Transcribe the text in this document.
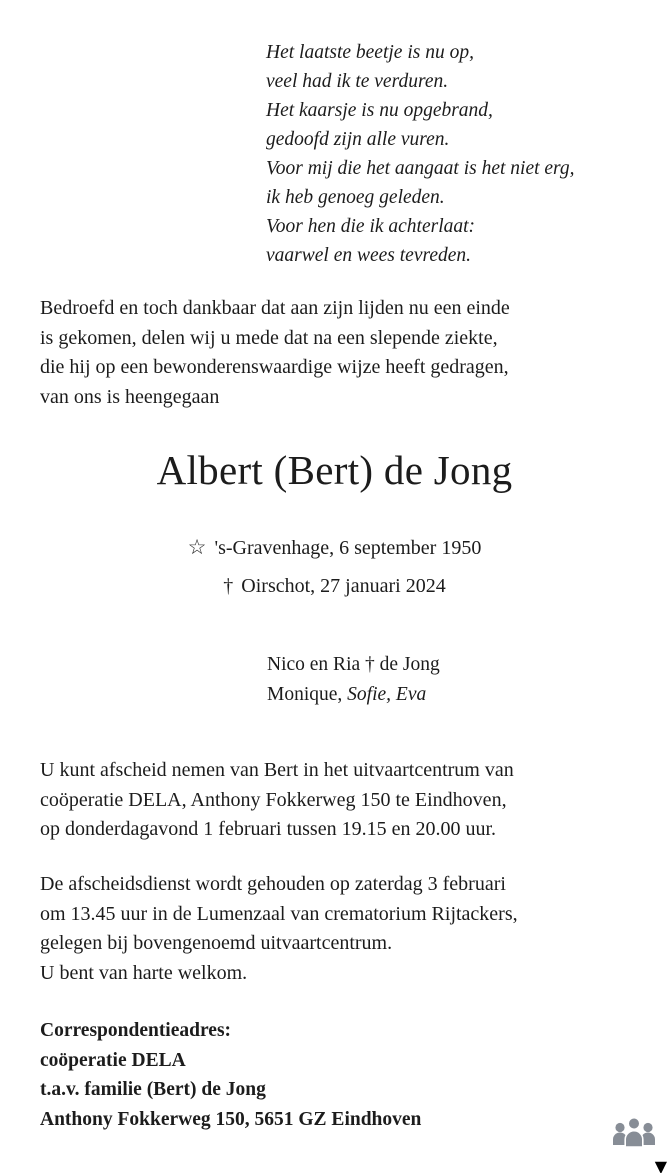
Het laatste beetje is nu op,
veel had ik te verduren.
Het kaarsje is nu opgebrand,
gedoofd zijn alle vuren.
Voor mij die het aangaat is het niet erg,
ik heb genoeg geleden.
Voor hen die ik achterlaat:
vaarwel en wees tevreden.
Bedroefd en toch dankbaar dat aan zijn lijden nu een einde
is gekomen, delen wij u mede dat na een slepende ziekte,
die hij op een bewonderenswaardige wijze heeft gedragen,
van ons is heengegaan
Albert (Bert) de Jong
☆ 's-Gravenhage, 6 september 1950
† Oirschot, 27 januari 2024
Nico en Ria † de Jong
Monique, Sofie, Eva
U kunt afscheid nemen van Bert in het uitvaartcentrum van
coöperatie DELA, Anthony Fokkerweg 150 te Eindhoven,
op donderdagavond 1 februari tussen 19.15 en 20.00 uur.
De afscheidsdienst wordt gehouden op zaterdag 3 februari
om 13.45 uur in de Lumenzaal van crematorium Rijtackers,
gelegen bij bovengenoemd uitvaartcentrum.
U bent van harte welkom.
Correspondentieadres:
coöperatie DELA
t.a.v. familie (Bert) de Jong
Anthony Fokkerweg 150, 5651 GZ Eindhoven
▼
